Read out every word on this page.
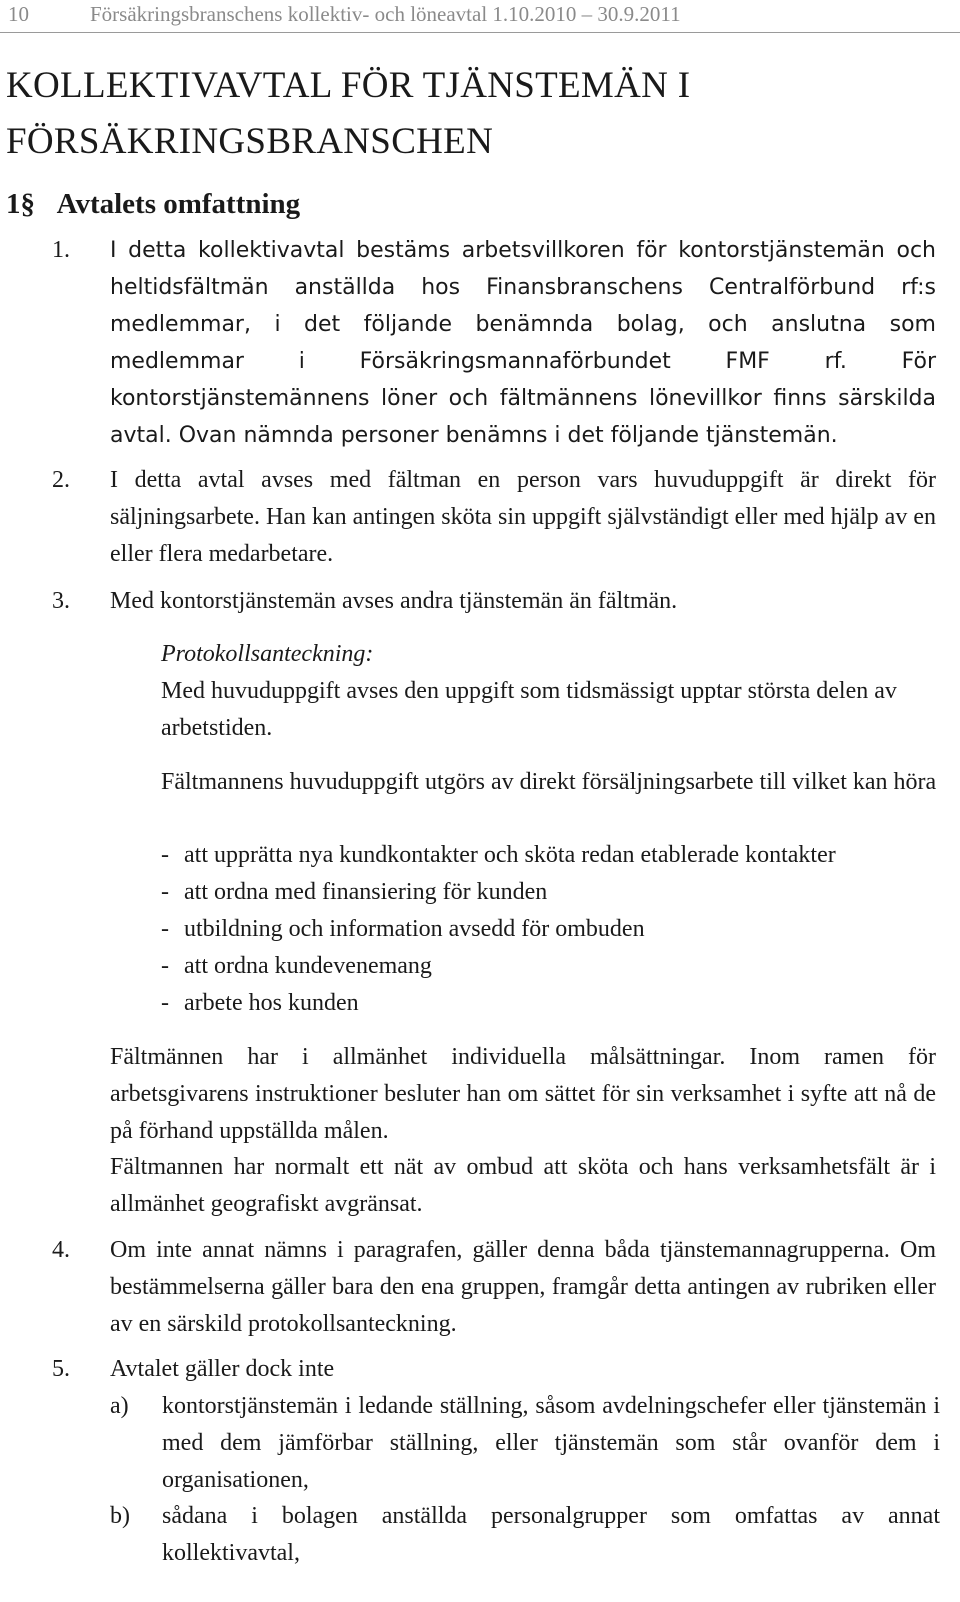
10	Försäkringsbranschens kollektiv- och löneavtal 1.10.2010 – 30.9.2011
KOLLEKTIVAVTAL FÖR TJÄNSTEMÄN I FÖRSÄKRINGSBRANSCHEN
1§ Avtalets omfattning
1. I detta kollektivavtal bestäms arbetsvillkoren för kontorstjänstemän och heltidsfältmän anställda hos Finansbranschens Centralförbund rf:s medlemmar, i det följande benämnda bolag, och anslutna som medlemmar i Försäkringsmannaförbundet FMF rf. För kontorstjänstemännens löner och fältmännens lönevillkor finns särskilda avtal. Ovan nämnda personer benämns i det följande tjänstemän.
2. I detta avtal avses med fältman en person vars huvuduppgift är direkt för säljningsarbete. Han kan antingen sköta sin uppgift självständigt eller med hjälp av en eller flera medarbetare.
3. Med kontorstjänstemän avses andra tjänstemän än fältmän.
Protokollsanteckning:
Med huvuduppgift avses den uppgift som tidsmässigt upptar största delen av arbetstiden.
Fältmannens huvuduppgift utgörs av direkt försäljningsarbete till vilket kan höra
- att upprätta nya kundkontakter och sköta redan etablerade kontakter
- att ordna med finansiering för kunden
- utbildning och information avsedd för ombuden
- att ordna kundevenemang
- arbete hos kunden
Fältmännen har i allmänhet individuella målsättningar. Inom ramen för arbetsgivarens instruktioner besluter han om sättet för sin verksamhet i syfte att nå de på förhand uppställda målen.
Fältmannen har normalt ett nät av ombud att sköta och hans verksamhetsfält är i allmänhet geografiskt avgränsat.
4. Om inte annat nämns i paragrafen, gäller denna båda tjänstemannagrupperna. Om bestämmelserna gäller bara den ena gruppen, framgår detta antingen av rubriken eller av en särskild protokollsanteckning.
5. Avtalet gäller dock inte
a) kontorstjänstemän i ledande ställning, såsom avdelningschefer eller tjänstemän i med dem jämförbar ställning, eller tjänstemän som står ovanför dem i organisationen,
b) sådana i bolagen anställda personalgrupper som omfattas av annat kollektivavtal,
